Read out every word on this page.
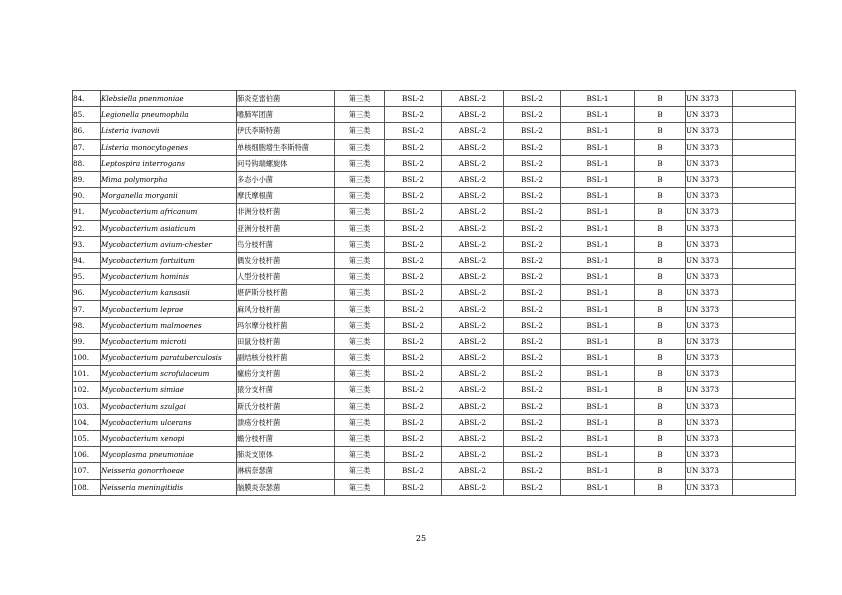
84.	Klebsiella pnenmoniae	肺炎克雷伯菌	第三类	BSL-2	ABSL-2	BSL-2	BSL-1	B	UN 3373	
85.	Legionella pneumophila	嗜肺军团菌	第三类	BSL-2	ABSL-2	BSL-2	BSL-1	B	UN 3373	
86.	Listeria ivanovii	伊氏李斯特菌	第三类	BSL-2	ABSL-2	BSL-2	BSL-1	B	UN 3373	
87.	Listeria monocytogenes	单核细胞增生李斯特菌	第三类	BSL-2	ABSL-2	BSL-2	BSL-1	B	UN 3373	
88.	Leptospira interrogans	问号钩端螺旋体	第三类	BSL-2	ABSL-2	BSL-2	BSL-1	B	UN 3373	
89.	Mima polymorpha	多态小小菌	第三类	BSL-2	ABSL-2	BSL-2	BSL-1	B	UN 3373	
90.	Morganella morganii	摩氏摩根菌	第三类	BSL-2	ABSL-2	BSL-2	BSL-1	B	UN 3373	
91.	Mycobacterium africanum	非洲分枝杆菌	第三类	BSL-2	ABSL-2	BSL-2	BSL-1	B	UN 3373	
92.	Mycobacterium asiaticum	亚洲分枝杆菌	第三类	BSL-2	ABSL-2	BSL-2	BSL-1	B	UN 3373	
93.	Mycobacterium avium-chester	鸟分枝杆菌	第三类	BSL-2	ABSL-2	BSL-2	BSL-1	B	UN 3373	
94.	Mycobacterium fortuitum	偶发分枝杆菌	第三类	BSL-2	ABSL-2	BSL-2	BSL-1	B	UN 3373	
95.	Mycobacterium hominis	人型分枝杆菌	第三类	BSL-2	ABSL-2	BSL-2	BSL-1	B	UN 3373	
96.	Mycobacterium kansasii	堪萨斯分枝杆菌	第三类	BSL-2	ABSL-2	BSL-2	BSL-1	B	UN 3373	
97.	Mycobacterium leprae	麻风分枝杆菌	第三类	BSL-2	ABSL-2	BSL-2	BSL-1	B	UN 3373	
98.	Mycobacterium malmoenes	玛尔摩分枝杆菌	第三类	BSL-2	ABSL-2	BSL-2	BSL-1	B	UN 3373	
99.	Mycobacterium microti	田鼠分枝杆菌	第三类	BSL-2	ABSL-2	BSL-2	BSL-1	B	UN 3373	
100.	Mycobacterium paratuberculosis	副结核分枝杆菌	第三类	BSL-2	ABSL-2	BSL-2	BSL-1	B	UN 3373	
101.	Mycobacterium scrofulaceum	瘰疬分支杆菌	第三类	BSL-2	ABSL-2	BSL-2	BSL-1	B	UN 3373	
102.	Mycobacterium simiae	猿分支杆菌	第三类	BSL-2	ABSL-2	BSL-2	BSL-1	B	UN 3373	
103.	Mycobacterium szulgai	斯氏分枝杆菌	第三类	BSL-2	ABSL-2	BSL-2	BSL-1	B	UN 3373	
104.	Mycobacterium ulcerans	溃疡分枝杆菌	第三类	BSL-2	ABSL-2	BSL-2	BSL-1	B	UN 3373	
105.	Mycobacterium xenopi	蟾分枝杆菌	第三类	BSL-2	ABSL-2	BSL-2	BSL-1	B	UN 3373	
106.	Mycoplasma pneumoniae	肺炎支原体	第三类	BSL-2	ABSL-2	BSL-2	BSL-1	B	UN 3373	
107.	Neisseria gonorrhoeae	淋病奈瑟菌	第三类	BSL-2	ABSL-2	BSL-2	BSL-1	B	UN 3373	
108.	Neisseria meningitidis	脑膜炎奈瑟菌	第三类	BSL-2	ABSL-2	BSL-2	BSL-1	B	UN 3373	
25
